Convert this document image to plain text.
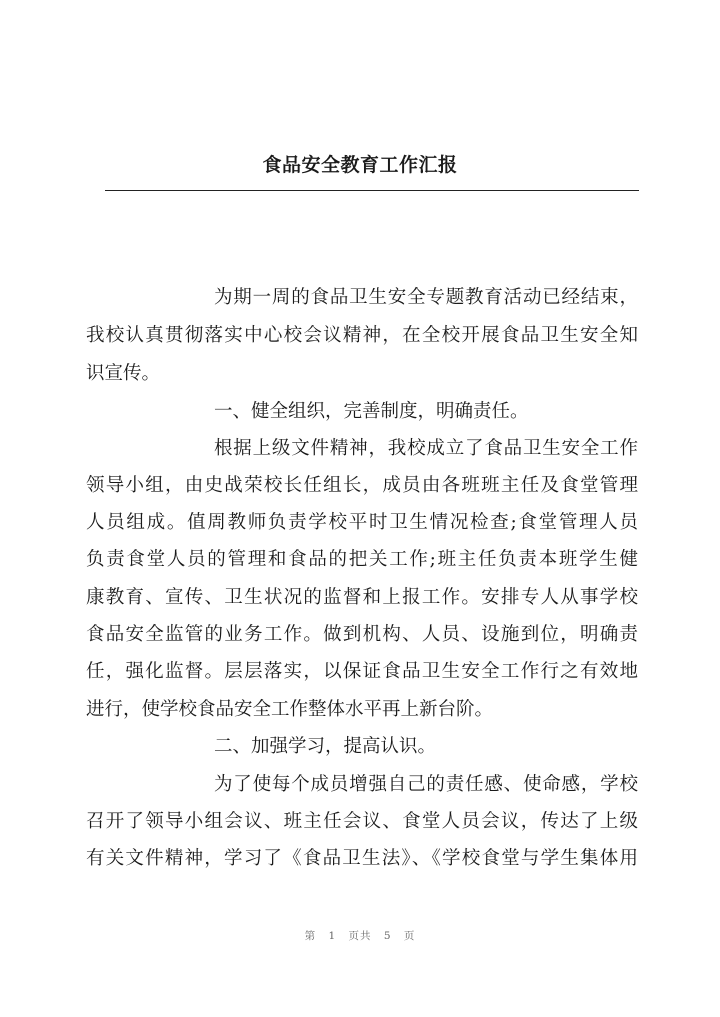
食品安全教育工作汇报
为期一周的食品卫生安全专题教育活动已经结束，
我校认真贯彻落实中心校会议精神，在全校开展食品卫生安全知
识宣传。
一、健全组织，完善制度，明确责任。
根据上级文件精神，我校成立了食品卫生安全工作
领导小组，由史战荣校长任组长，成员由各班班主任及食堂管理
人员组成。值周教师负责学校平时卫生情况检查;食堂管理人员
负责食堂人员的管理和食品的把关工作;班主任负责本班学生健
康教育、宣传、卫生状况的监督和上报工作。安排专人从事学校
食品安全监管的业务工作。做到机构、人员、设施到位，明确责
任，强化监督。层层落实，以保证食品卫生安全工作行之有效地
进行，使学校食品安全工作整体水平再上新台阶。
二、加强学习，提高认识。
为了使每个成员增强自己的责任感、使命感，学校
召开了领导小组会议、班主任会议、食堂人员会议，传达了上级
有关文件精神，学习了《食品卫生法》、《学校食堂与学生集体用
第 1 页共 5 页
